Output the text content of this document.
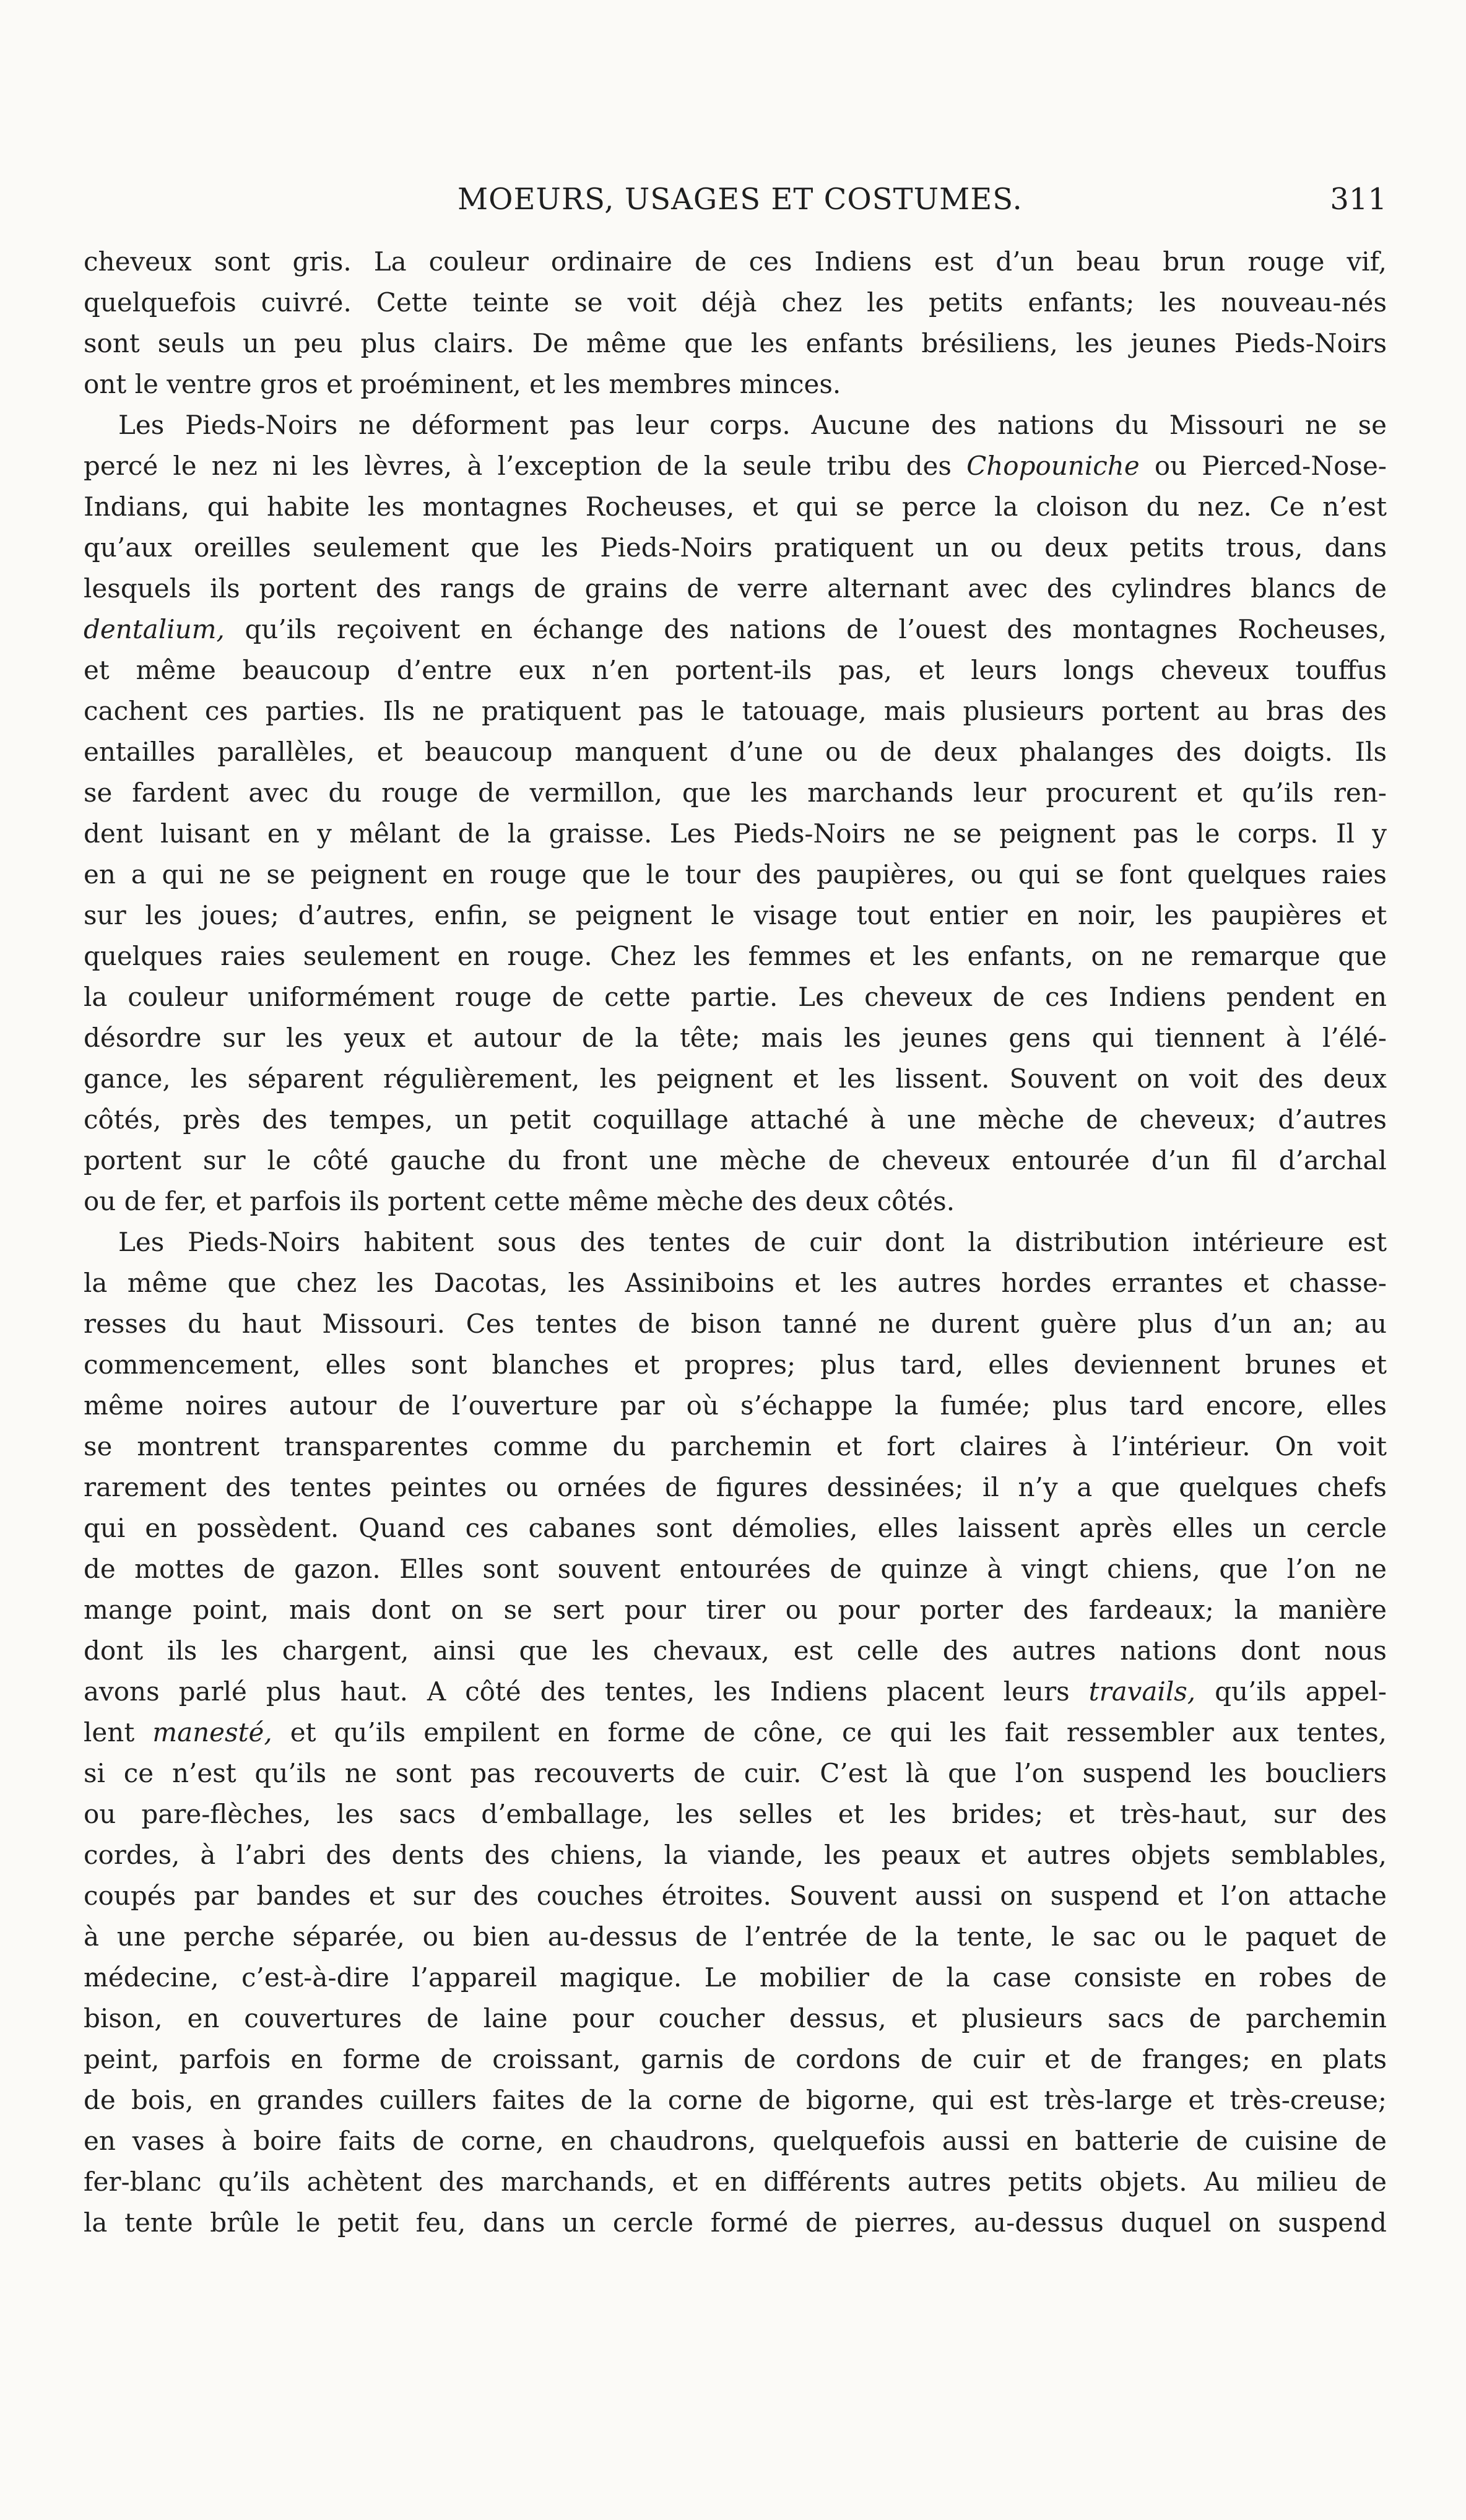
MOEURS, USAGES ET COSTUMES.	311
cheveux sont gris. La couleur ordinaire de ces Indiens est d’un beau brun rouge vif,
quelquefois cuivré. Cette teinte se voit déjà chez les petits enfants; les nouveau-nés
sont seuls un peu plus clairs. De même que les enfants brésiliens, les jeunes Pieds-Noirs
ont le ventre gros et proéminent, et les membres minces.
Les Pieds-Noirs ne déforment pas leur corps. Aucune des nations du Missouri ne se
percé le nez ni les lèvres, à l’exception de la seule tribu des Chopouniche ou Pierced-Nose-
Indians, qui habite les montagnes Rocheuses, et qui se perce la cloison du nez. Ce n’est
qu’aux oreilles seulement que les Pieds-Noirs pratiquent un ou deux petits trous, dans
lesquels ils portent des rangs de grains de verre alternant avec des cylindres blancs de
dentalium, qu’ils reçoivent en échange des nations de l’ouest des montagnes Rocheuses,
et même beaucoup d’entre eux n’en portent-ils pas, et leurs longs cheveux touffus
cachent ces parties. Ils ne pratiquent pas le tatouage, mais plusieurs portent au bras des
entailles parallèles, et beaucoup manquent d’une ou de deux phalanges des doigts. Ils
se fardent avec du rouge de vermillon, que les marchands leur procurent et qu’ils ren-
dent luisant en y mêlant de la graisse. Les Pieds-Noirs ne se peignent pas le corps. Il y
en a qui ne se peignent en rouge que le tour des paupières, ou qui se font quelques raies
sur les joues; d’autres, enfin, se peignent le visage tout entier en noir, les paupières et
quelques raies seulement en rouge. Chez les femmes et les enfants, on ne remarque que
la couleur uniformément rouge de cette partie. Les cheveux de ces Indiens pendent en
désordre sur les yeux et autour de la tête; mais les jeunes gens qui tiennent à l’élé-
gance, les séparent régulièrement, les peignent et les lissent. Souvent on voit des deux
côtés, près des tempes, un petit coquillage attaché à une mèche de cheveux; d’autres
portent sur le côté gauche du front une mèche de cheveux entourée d’un fil d’archal
ou de fer, et parfois ils portent cette même mèche des deux côtés.
Les Pieds-Noirs habitent sous des tentes de cuir dont la distribution intérieure est
la même que chez les Dacotas, les Assiniboins et les autres hordes errantes et chasse-
resses du haut Missouri. Ces tentes de bison tanné ne durent guère plus d’un an; au
commencement, elles sont blanches et propres; plus tard, elles deviennent brunes et
même noires autour de l’ouverture par où s’échappe la fumée; plus tard encore, elles
se montrent transparentes comme du parchemin et fort claires à l’intérieur. On voit
rarement des tentes peintes ou ornées de figures dessinées; il n’y a que quelques chefs
qui en possèdent. Quand ces cabanes sont démolies, elles laissent après elles un cercle
de mottes de gazon. Elles sont souvent entourées de quinze à vingt chiens, que l’on ne
mange point, mais dont on se sert pour tirer ou pour porter des fardeaux; la manière
dont ils les chargent, ainsi que les chevaux, est celle des autres nations dont nous
avons parlé plus haut. A côté des tentes, les Indiens placent leurs travails, qu’ils appel-
lent manesté, et qu’ils empilent en forme de cône, ce qui les fait ressembler aux tentes,
si ce n’est qu’ils ne sont pas recouverts de cuir. C’est là que l’on suspend les boucliers
ou pare-flèches, les sacs d’emballage, les selles et les brides; et très-haut, sur des
cordes, à l’abri des dents des chiens, la viande, les peaux et autres objets semblables,
coupés par bandes et sur des couches étroites. Souvent aussi on suspend et l’on attache
à une perche séparée, ou bien au-dessus de l’entrée de la tente, le sac ou le paquet de
médecine, c’est-à-dire l’appareil magique. Le mobilier de la case consiste en robes de
bison, en couvertures de laine pour coucher dessus, et plusieurs sacs de parchemin
peint, parfois en forme de croissant, garnis de cordons de cuir et de franges; en plats
de bois, en grandes cuillers faites de la corne de bigorne, qui est très-large et très-creuse;
en vases à boire faits de corne, en chaudrons, quelquefois aussi en batterie de cuisine de
fer-blanc qu’ils achètent des marchands, et en différents autres petits objets. Au milieu de
la tente brûle le petit feu, dans un cercle formé de pierres, au-dessus duquel on suspend
